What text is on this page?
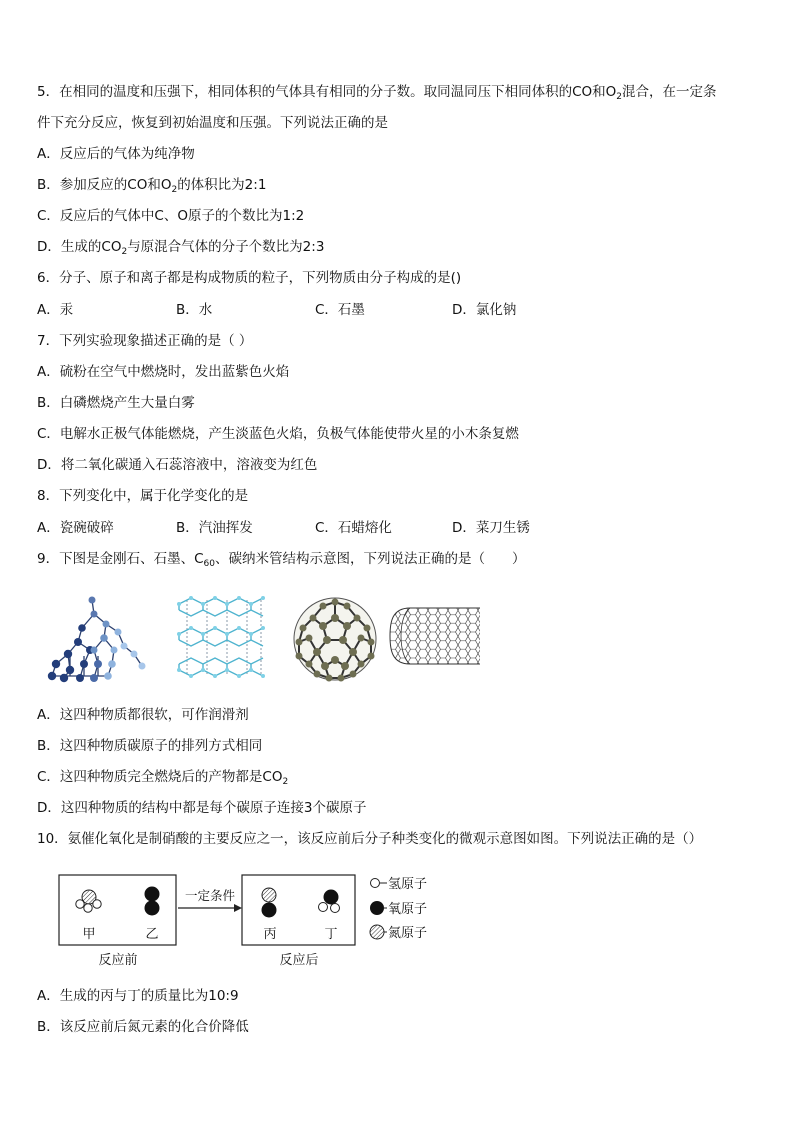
5．在相同的温度和压强下，相同体积的气体具有相同的分子数。取同温同压下相同体积的CO和$O_2$混合，在一定条
件下充分反应，恢复到初始温度和压强。下列说法正确的是
A．反应后的气体为纯净物
B．参加反应的CO和$O_2$的体积比为2:1
C．反应后的气体中C、O原子的个数比为1:2
D．生成的$CO_2$与原混合气体的分子个数比为2:3
6．分子、原子和离子都是构成物质的粒子，下列物质由分子构成的是()
A．汞	B．水	C．石墨	D．氯化钠
7．下列实验现象描述正确的是（ ）
A．硫粉在空气中燃烧时，发出蓝紫色火焰
B．白磷燃烧产生大量白雾
C．电解水正极气体能燃烧，产生淡蓝色火焰，负极气体能使带火星的小木条复燃
D．将二氧化碳通入石蕊溶液中，溶液变为红色
8．下列变化中，属于化学变化的是
A．瓷碗破碎	B．汽油挥发	C．石蜡熔化	D．菜刀生锈
9．下图是金刚石、石墨、$C_{60}$、碳纳米管结构示意图，下列说法正确的是（　　）
A．这四种物质都很软，可作润滑剂
B．这四种物质碳原子的排列方式相同
C．这四种物质完全燃烧后的产物都是$CO_2$
D．这四种物质的结构中都是每个碳原子连接3个碳原子
10．氨催化氧化是制硝酸的主要反应之一，该反应前后分子种类变化的微观示意图如图。下列说法正确的是（）
甲	乙
一定条件
丙	丁
反应前	反应后
氢原子
氧原子
氮原子
A．生成的丙与丁的质量比为10:9
B．该反应前后氮元素的化合价降低
